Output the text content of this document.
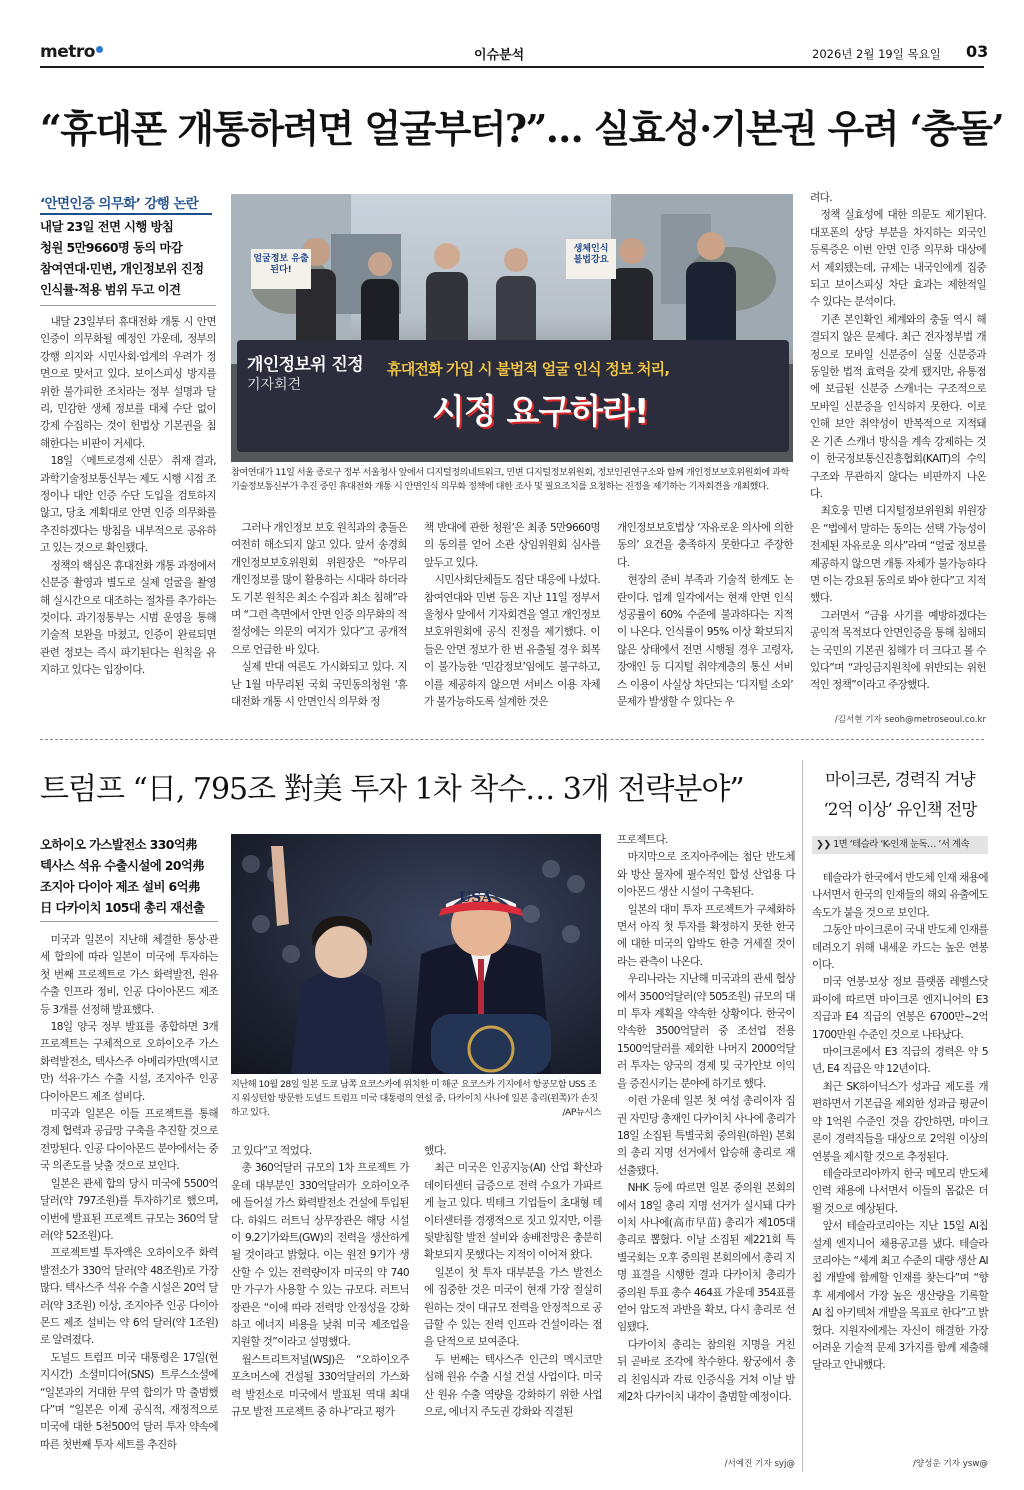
metro	이슈분석	2026년 2월 19일 목요일 03
“휴대폰 개통하려면 얼굴부터?”… 실효성·기본권 우려 ‘충돌’
‘안면인증 의무화’ 강행 논란
내달 23일 전면 시행 방침
청원 5만9660명 동의 마감
참여연대·민변, 개인정보위 진정
인식률·적용 범위 두고 이견

내달 23일부터 휴대전화 개통 시 안면인증이 의무화될 예정인 가운데, 정부의 강행 의지와 시민사회·업계의 우려가 정면으로 맞서고 있다. 보이스피싱 방지를 위한 불가피한 조치라는 정부 설명과 달리, 민감한 생체 정보를 대체 수단 없이 강제 수집하는 것이 헌법상 기본권을 침해한다는 비판이 거세다.

18일 〈메트로경제 신문〉 취재 결과, 과학기술정보통신부는 제도 시행 시점 조정이나 대안 인증 수단 도입을 검토하지 않고, 당초 계획대로 안면 인증 의무화를 추진하겠다는 방침을 내부적으로 공유하고 있는 것으로 확인됐다.

정책의 핵심은 휴대전화 개통 과정에서 신분증 촬영과 별도로 실제 얼굴을 촬영해 실시간으로 대조하는 절차를 추가하는 것이다. 과기정통부는 시범 운영을 통해 기술적 보완을 마쳤고, 인증이 완료되면 관련 정보는 즉시 파기된다는 원칙을 유지하고 있다는 입장이다.

얼굴정보 유출된다!
생체인식 불법강요
개인정보위 진정
기자회견
휴대전화 가입 시 불법적 얼굴 인식 정보 처리,
시정 요구하라!
참여연대가 11일 서울 종로구 정부 서울청사 앞에서 디지털정의네트워크, 민변 디지털정보위원회, 정보인권연구소와 함께 개인정보보호위원회에 과학기술정보통신부가 추진 중인 휴대전화 개통 시 안면인식 의무화 정책에 대한 조사 및 필요조치를 요청하는 진정을 제기하는 기자회견을 개최했다.

그러나 개인정보 보호 원칙과의 충돌은 여전히 해소되지 않고 있다. 앞서 송경희 개인정보보호위원회 위원장은 “아무리 개인정보를 많이 활용하는 시대라 하더라도 기본 원칙은 최소 수집과 최소 침해”라며 “그런 측면에서 안면 인증 의무화의 적절성에는 의문의 여지가 있다”고 공개적으로 언급한 바 있다.

실제 반대 여론도 가시화되고 있다. 지난 1월 마무리된 국회 국민동의청원 ‘휴대전화 개통 시 안면인식 의무화 정

책 반대에 관한 청원’은 최종 5만9660명의 동의를 얻어 소관 상임위원회 심사를 앞두고 있다.

시민사회단체들도 집단 대응에 나섰다. 참여연대와 민변 등은 지난 11일 정부서울청사 앞에서 기자회견을 열고 개인정보보호위원회에 공식 진정을 제기했다. 이들은 안면 정보가 한 번 유출될 경우 회복이 불가능한 ‘민감정보’임에도 불구하고, 이를 제공하지 않으면 서비스 이용 자체가 불가능하도록 설계한 것은

개인정보보호법상 ‘자유로운 의사에 의한 동의’ 요건을 충족하지 못한다고 주장한다.

현장의 준비 부족과 기술적 한계도 논란이다. 업계 일각에서는 현재 안면 인식 성공률이 60% 수준에 불과하다는 지적이 나온다. 인식률이 95% 이상 확보되지 않은 상태에서 전면 시행될 경우 고령자, 장애인 등 디지털 취약계층의 통신 서비스 이용이 사실상 차단되는 ‘디지털 소외’ 문제가 발생할 수 있다는 우

려다.

정책 실효성에 대한 의문도 제기된다. 대포폰의 상당 부분을 차지하는 외국인 등록증은 이번 안면 인증 의무화 대상에서 제외됐는데, 규제는 내국인에게 집중되고 보이스피싱 차단 효과는 제한적일 수 있다는 분석이다.

기존 본인확인 체계와의 충돌 역시 해결되지 않은 문제다. 최근 전자정부법 개정으로 모바일 신분증이 실물 신분증과 동일한 법적 효력을 갖게 됐지만, 유통점에 보급된 신분증 스캐너는 구조적으로 모바일 신분증을 인식하지 못한다. 이로 인해 보안 취약성이 반복적으로 지적돼 온 기존 스캐너 방식을 계속 강제하는 것이 한국정보통신진흥협회(KAIT)의 수익 구조와 무관하지 않다는 비판까지 나온다.

최호웅 민변 디지털정보위원회 위원장은 “법에서 말하는 동의는 선택 가능성이 전제된 자유로운 의사”라며 “얼굴 정보를 제공하지 않으면 개통 자체가 불가능하다면 이는 강요된 동의로 봐야 한다”고 지적했다.

그러면서 “금융 사기를 예방하겠다는 공익적 목적보다 안면인증을 통해 침해되는 국민의 기본권 침해가 더 크다고 볼 수 있다”며 “과잉금지원칙에 위반되는 위헌적인 정책”이라고 주장했다.

/김서현 기자 seoh@metroseoul.co.kr
트럼프 “日, 795조 對美 투자 1차 착수… 3개 전략분야”
오하이오 가스발전소 330억弗
텍사스 석유 수출시설에 20억弗
조지아 다이아 제조 설비 6억弗
日 다카이치 105대 총리 재선출

미국과 일본이 지난해 체결한 통상·관세 합의에 따라 일본이 미국에 투자하는 첫 번째 프로젝트로 가스 화력발전, 원유 수출 인프라 정비, 인공 다이아몬드 제조 등 3개를 선정해 발표했다.

18일 양국 정부 발표를 종합하면 3개 프로젝트는 구체적으로 오하이오주 가스화력발전소, 텍사스주 아메리카만(멕시코만) 석유·가스 수출 시설, 조지아주 인공 다이아몬드 제조 설비다.

미국과 일본은 이들 프로젝트를 통해 경제 협력과 공급망 구축을 추진할 것으로 전망된다. 인공 다이아몬드 분야에서는 중국 의존도를 낮출 것으로 보인다.

일본은 관세 합의 당시 미국에 5500억 달러(약 797조원)를 투자하기로 했으며, 이번에 발표된 프로젝트 규모는 360억 달러(약 52조원)다.

프로젝트별 투자액은 오하이오주 화력발전소가 330억 달러(약 48조원)로 가장 많다. 텍사스주 석유 수출 시설은 20억 달러(약 3조원) 이상, 조지아주 인공 다이아몬드 제조 설비는 약 6억 달러(약 1조원)로 알려졌다.

도널드 트럼프 미국 대통령은 17일(현지시간) 소셜미디어(SNS) 트루스소셜에 “일본과의 거대한 무역 합의가 막 출범했다”며 “일본은 이제 공식적, 재정적으로 미국에 대한 5천500억 달러 투자 약속에 따른 첫번째 투자 세트를 추진하

USA
지난해 10월 28일 일본 도쿄 남쪽 요코스카에 위치한 미 해군 요코스카 기지에서 항공모함 USS 조지 워싱턴함 방문한 도널드 트럼프 미국 대통령의 연설 중, 다카이치 사나에 일본 총리(왼쪽)가 손짓하고 있다.	/AP뉴시스

고 있다”고 적었다.

총 360억달러 규모의 1차 프로젝트 가운데 대부분인 330억달러가 오하이오주에 들어설 가스 화력발전소 건설에 투입된다. 하워드 러트닉 상무장관은 해당 시설이 9.2기가와트(GW)의 전력을 생산하게 될 것이라고 밝혔다. 이는 원전 9기가 생산할 수 있는 전력량이자 미국의 약 740만 가구가 사용할 수 있는 규모다. 러트닉 장관은 “이에 따라 전력망 안정성을 강화하고 에너지 비용을 낮춰 미국 제조업을 지원할 것”이라고 설명했다.

월스트리트저널(WSJ)은 “오하이오주 포츠머스에 건설될 330억달러의 가스화력 발전소로 미국에서 발표된 역대 최대 규모 발전 프로젝트 중 하나”라고 평가

했다.

최근 미국은 인공지능(AI) 산업 확산과 데이터센터 급증으로 전력 수요가 가파르게 늘고 있다. 빅테크 기업들이 초대형 데이터센터를 경쟁적으로 짓고 있지만, 이를 뒷받침할 발전 설비와 송배전망은 충분히 확보되지 못했다는 지적이 이어져 왔다.

일본이 첫 투자 대부분을 가스 발전소에 집중한 것은 미국이 현재 가장 절실히 원하는 것이 대규모 전력을 안정적으로 공급할 수 있는 전력 인프라 건설이라는 점을 단적으로 보여준다.

두 번째는 텍사스주 인근의 멕시코만 심해 원유 수출 시설 건설 사업이다. 미국산 원유 수출 역량을 강화하기 위한 사업으로, 에너지 주도권 강화와 직결된

프로젝트다.

마지막으로 조지아주에는 첨단 반도체와 방산 물자에 필수적인 합성 산업용 다이아몬드 생산 시설이 구축된다.

일본의 대미 투자 프로젝트가 구체화하면서 아직 첫 투자를 확정하지 못한 한국에 대한 미국의 압박도 한층 거세질 것이라는 관측이 나온다.

우리나라는 지난해 미국과의 관세 협상에서 3500억달러(약 505조원) 규모의 대미 투자 계획을 약속한 상황이다. 한국이 약속한 3500억달러 중 조선업 전용 1500억달러를 제외한 나머지 2000억달러 투자는 양국의 경제 및 국가안보 이익을 증진시키는 분야에 하기로 했다.

이런 가운데 일본 첫 여성 총리이자 집권 자민당 총재인 다카이치 사나에 총리가 18일 소집된 특별국회 중의원(하원) 본회의 총리 지명 선거에서 압승해 총리로 재선출됐다.

NHK 등에 따르면 일본 중의원 본회의에서 18일 총리 지명 선거가 실시돼 다카이치 사나에(高市早苗) 총리가 제105대 총리로 뽑혔다. 이날 소집된 제221회 특별국회는 오후 중의원 본회의에서 총리 지명 표결을 시행한 결과 다카이치 총리가 중의원 투표 총수 464표 가운데 354표를 얻어 압도적 과반을 확보, 다시 총리로 선임됐다.

다카이치 총리는 참의원 지명을 거친 뒤 곧바로 조각에 착수한다. 왕궁에서 총리 친임식과 각료 인증식을 거쳐 이날 밤 제2차 다카이치 내각이 출범할 예정이다.

/서예진 기자 syj@
마이크론, 경력직 겨냥
‘2억 이상’ 유인책 전망
❯❯ 1면 ‘테슬라 ‘K-인재 눈독… ’서 계속

테슬라가 한국에서 반도체 인재 채용에 나서면서 한국의 인재들의 해외 유출에도 속도가 붙을 것으로 보인다.

그동안 마이크론이 국내 반도체 인재를 데려오기 위해 내세운 카드는 높은 연봉이다.

미국 연봉·보상 정보 플랫폼 레벨스닷파이에 따르면 마이크론 엔지니어의 E3 직급과 E4 직급의 연봉은 6700만~2억1700만원 수준인 것으로 나타났다.

마이크론에서 E3 직급의 경력은 약 5년, E4 직급은 약 12년이다.

최근 SK하이닉스가 성과급 제도를 개편하면서 기본급을 제외한 성과급 평균이 약 1억원 수준인 것을 감안하면, 마이크론이 경력직들을 대상으로 2억원 이상의 연봉을 제시할 것으로 추정된다.

테슬라코리아까지 한국 메모리 반도체 인력 채용에 나서면서 이들의 몸값은 더 뛸 것으로 예상된다.

앞서 테슬라코리아는 지난 15일 AI칩 설계 엔지니어 채용공고를 냈다. 테슬라코리아는 “세계 최고 수준의 대량 생산 AI 칩 개발에 함께할 인재를 찾는다”며 “향후 세계에서 가장 높은 생산량을 기록할 AI 칩 아키텍처 개발을 목표로 한다”고 밝혔다. 지원자에게는 자신이 해결한 가장 어려운 기술적 문제 3가지를 함께 제출해 달라고 안내했다.

/양성운 기자 ysw@
